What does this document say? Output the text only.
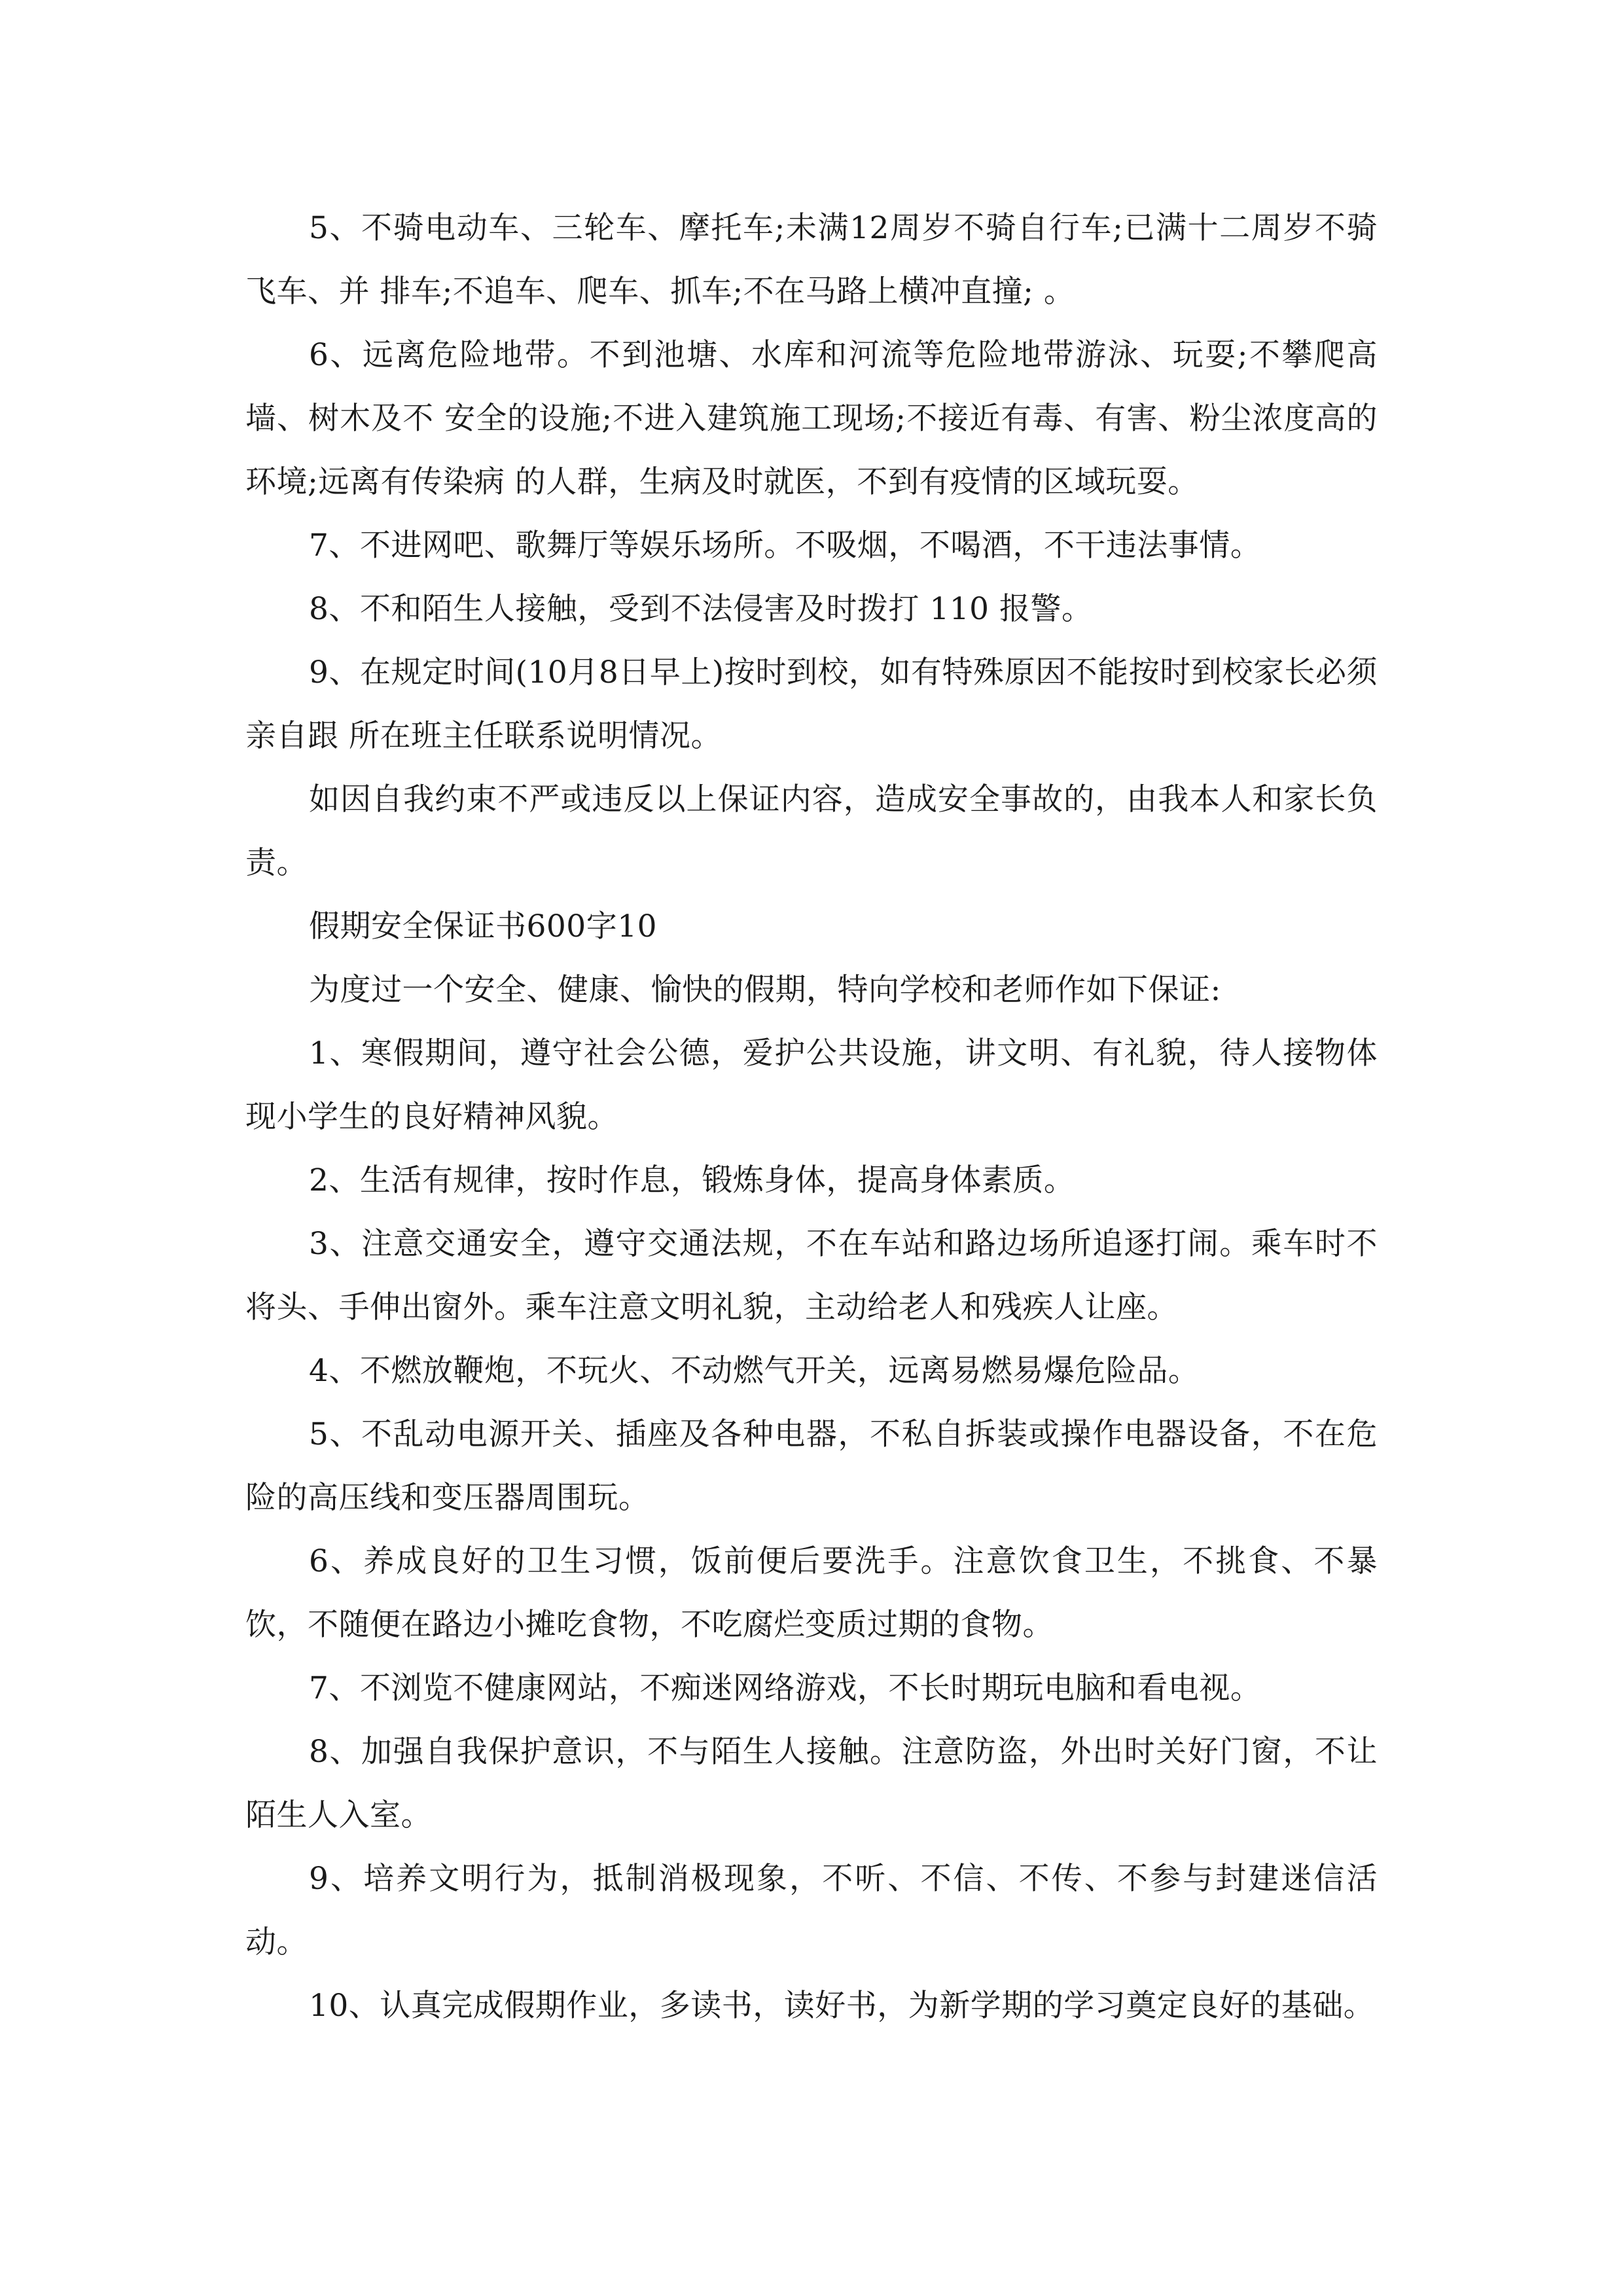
5、不骑电动车、三轮车、摩托车;未满12周岁不骑自行车;已满十二周岁不骑飞车、并 排车;不追车、爬车、抓车;不在马路上横冲直撞; 。

6、远离危险地带。不到池塘、水库和河流等危险地带游泳、玩耍;不攀爬高墙、树木及不 安全的设施;不进入建筑施工现场;不接近有毒、有害、粉尘浓度高的环境;远离有传染病 的人群，生病及时就医，不到有疫情的区域玩耍。

7、不进网吧、歌舞厅等娱乐场所。不吸烟，不喝酒，不干违法事情。

8、不和陌生人接触，受到不法侵害及时拨打 110 报警。

9、在规定时间(10月8日早上)按时到校，如有特殊原因不能按时到校家长必须亲自跟 所在班主任联系说明情况。

如因自我约束不严或违反以上保证内容，造成安全事故的，由我本人和家长负责。

假期安全保证书600字10

为度过一个安全、健康、愉快的假期，特向学校和老师作如下保证:

1、寒假期间，遵守社会公德，爱护公共设施，讲文明、有礼貌，待人接物体现小学生的良好精神风貌。

2、生活有规律，按时作息，锻炼身体，提高身体素质。

3、注意交通安全，遵守交通法规，不在车站和路边场所追逐打闹。乘车时不将头、手伸出窗外。乘车注意文明礼貌，主动给老人和残疾人让座。

4、不燃放鞭炮，不玩火、不动燃气开关，远离易燃易爆危险品。

5、不乱动电源开关、插座及各种电器，不私自拆装或操作电器设备，不在危险的高压线和变压器周围玩。

6、养成良好的卫生习惯，饭前便后要洗手。注意饮食卫生，不挑食、不暴饮，不随便在路边小摊吃食物，不吃腐烂变质过期的食物。

7、不浏览不健康网站，不痴迷网络游戏，不长时期玩电脑和看电视。

8、加强自我保护意识，不与陌生人接触。注意防盗，外出时关好门窗，不让陌生人入室。

9、培养文明行为，抵制消极现象，不听、不信、不传、不参与封建迷信活动。

10、认真完成假期作业，多读书，读好书，为新学期的学习奠定良好的基础。
